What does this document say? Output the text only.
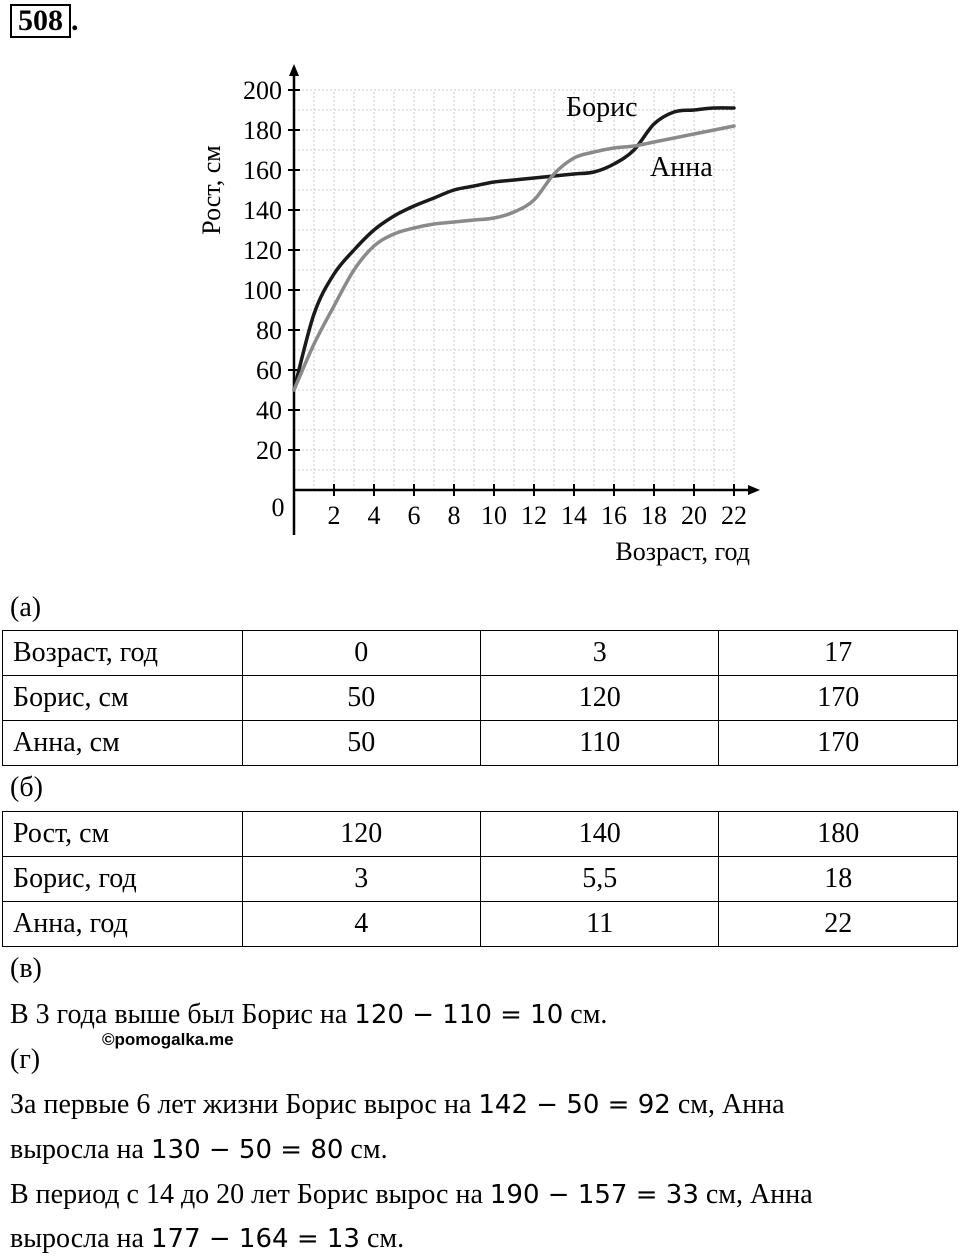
508 .
0 2 4 6 8 10 12 14 16 18 20 22
20
40
60
80
100
120
140
160
180
200
Борис
Анна
Возраст, год
Рост, см
(а)
Возраст, год	0	3	17
Борис, см	50	120	170
Анна, см	50	110	170
(б)
Рост, см	120	140	180
Борис, год	3	5,5	18
Анна, год	4	11	22
(в)
В 3 года выше был Борис на 120 − 110 = 10 см.
©pomogalka.me
(г)
За первые 6 лет жизни Борис вырос на 142 − 50 = 92 см, Анна
выросла на 130 − 50 = 80 см.
В период с 14 до 20 лет Борис вырос на 190 − 157 = 33 см, Анна
выросла на 177 − 164 = 13 см.
